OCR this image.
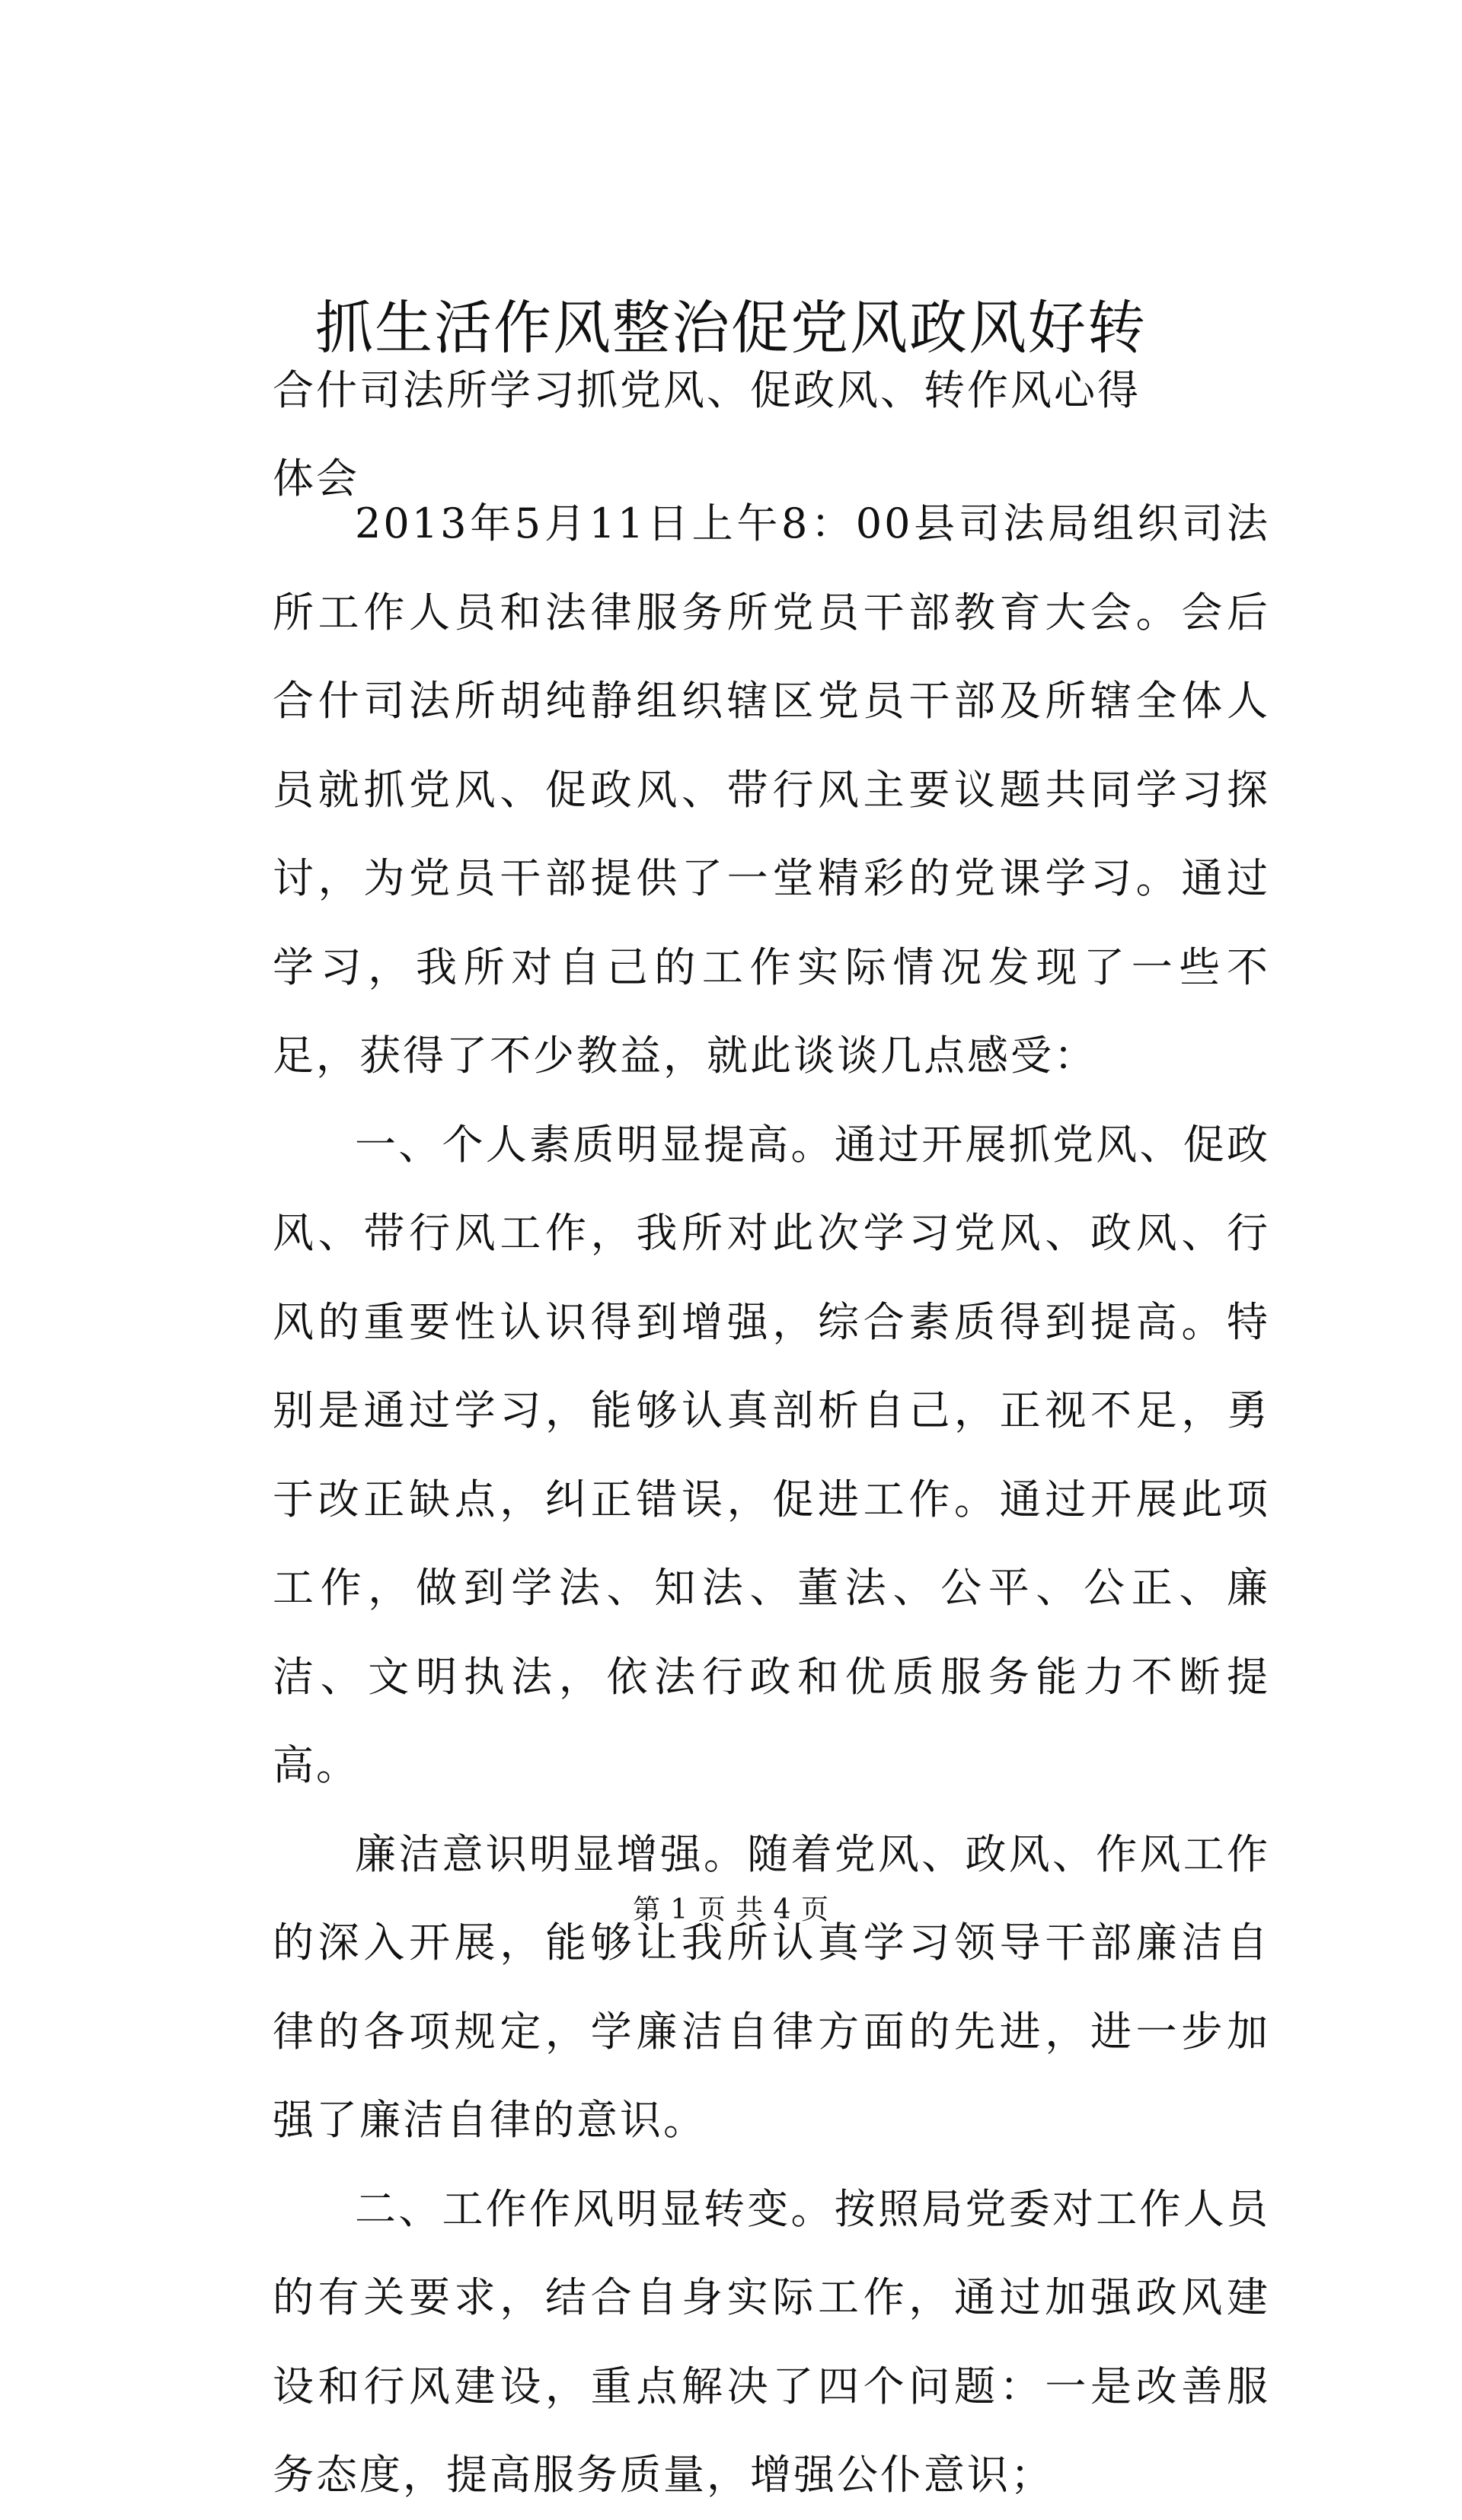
抓生活作风整治促党风政风好转
合什司法所学习抓党风、促政风、转作风心得
体会

2013年5月11日上午8：00县司法局组织司法所工作人员和法律服务所党员干部教育大会。会后合什司法所胡纯静组织辖区党员干部及所辖全体人员就抓党风、促政风、带行风主要议题共同学习探讨，为党员干部提供了一堂精彩的党课学习。通过学习，我所对自己的工作实际情况发现了一些不足，获得了不少教益，就此谈谈几点感受：

一、个人素质明显提高。通过开展抓党风、促政风、带行风工作，我所对此次学习党风、政风、行风的重要性认识得到增强，综合素质得到提高。特别是通过学习，能够认真剖析自己，正视不足，勇于改正缺点，纠正错误，促进工作。通过开展此项工作，做到学法、知法、董法、公平、公正、廉洁、文明执法，依法行政和优质服务能力不断提高。

廉洁意识明显增强。随着党风、政风、作风工作的深入开展，能够让我所认真学习领导干部廉洁自律的各项规定，学廉洁自律方面的先进，进一步加强了廉洁自律的意识。

二、工作作风明显转变。按照局党委对工作人员的有关要求，结合自身实际工作，通过加强政风建设和行风建设，重点解决了四个问题：一是改善服务态度，提高服务质量，增强公仆意识；

第 1 页 共 4 页
